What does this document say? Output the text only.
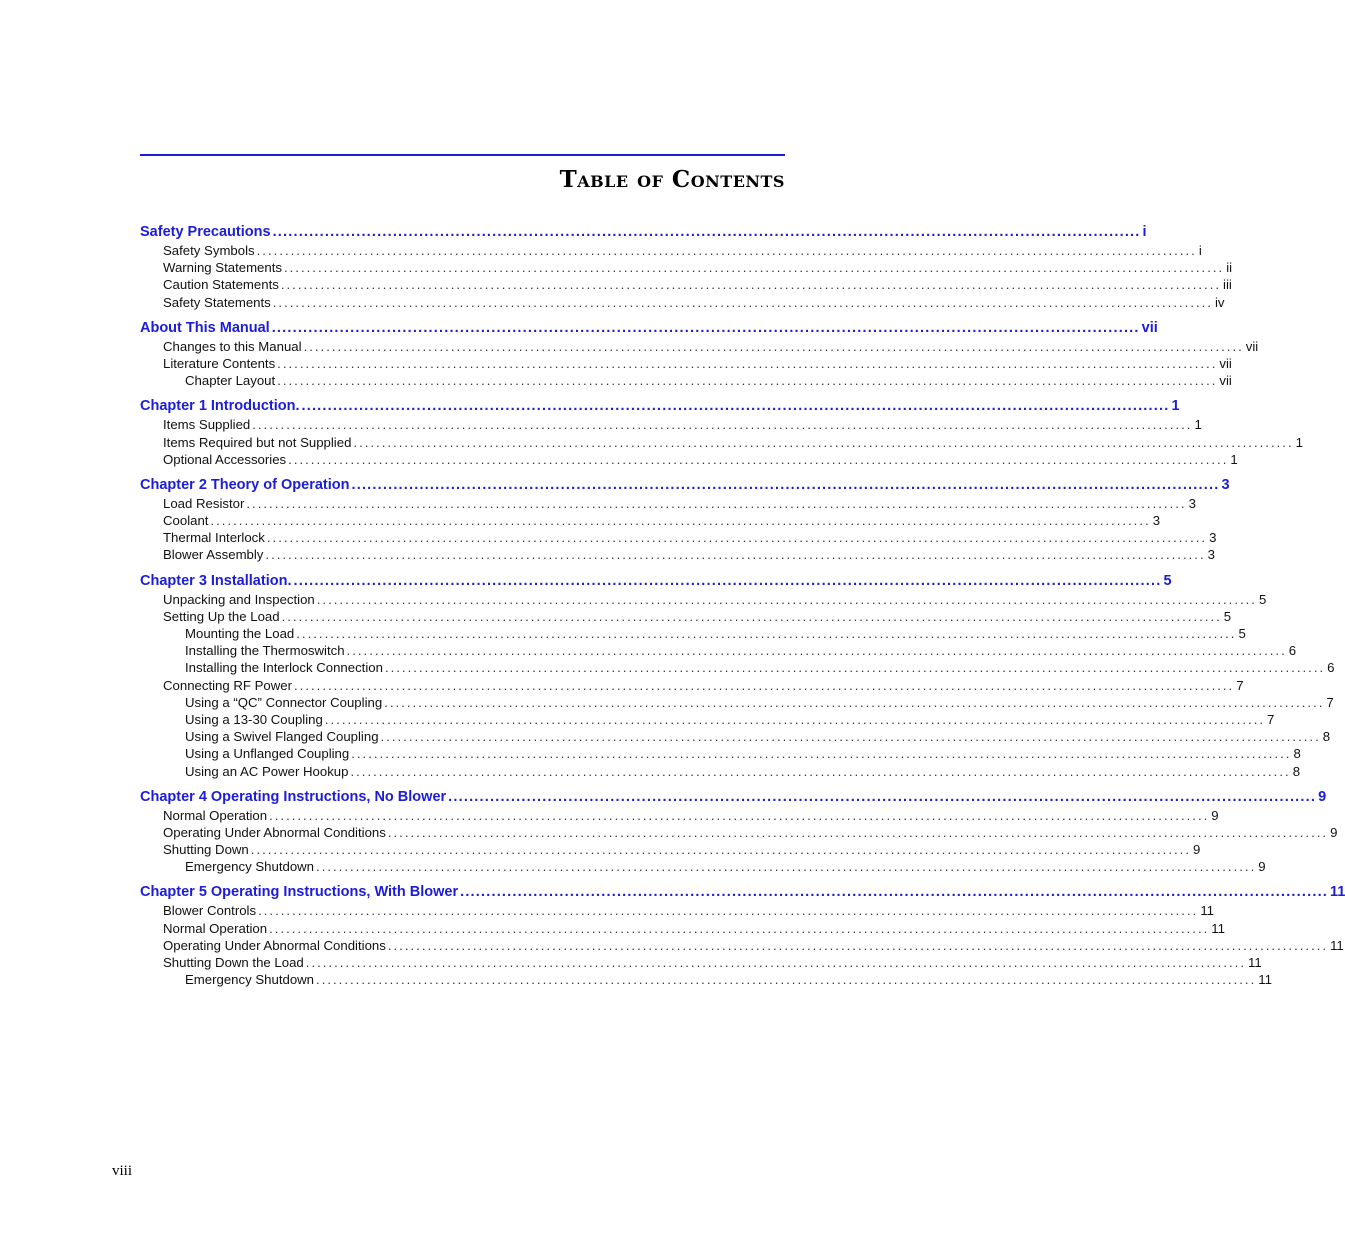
Table of Contents
Safety Precautions ...................................................................................................................................................................... i
Safety Symbols ...................................................................................................................................................................... i
Warning Statements ...................................................................................................................................................................... ii
Caution Statements ...................................................................................................................................................................... iii
Safety Statements ...................................................................................................................................................................... iv
About This Manual ...................................................................................................................................................................... vii
Changes to this Manual ...................................................................................................................................................................... vii
Literature Contents ...................................................................................................................................................................... vii
Chapter Layout ...................................................................................................................................................................... vii
Chapter 1 Introduction. ...................................................................................................................................................................... 1
Items Supplied ...................................................................................................................................................................... 1
Items Required but not Supplied ...................................................................................................................................................................... 1
Optional Accessories ...................................................................................................................................................................... 1
Chapter 2 Theory of Operation ...................................................................................................................................................................... 3
Load Resistor ...................................................................................................................................................................... 3
Coolant ...................................................................................................................................................................... 3
Thermal Interlock ...................................................................................................................................................................... 3
Blower Assembly ...................................................................................................................................................................... 3
Chapter 3 Installation. ...................................................................................................................................................................... 5
Unpacking and Inspection ...................................................................................................................................................................... 5
Setting Up the Load ...................................................................................................................................................................... 5
Mounting the Load ...................................................................................................................................................................... 5
Installing the Thermoswitch ...................................................................................................................................................................... 6
Installing the Interlock Connection ...................................................................................................................................................................... 6
Connecting RF Power ...................................................................................................................................................................... 7
Using a “QC” Connector Coupling ...................................................................................................................................................................... 7
Using a 13-30 Coupling ...................................................................................................................................................................... 7
Using a Swivel Flanged Coupling ...................................................................................................................................................................... 8
Using a Unflanged Coupling ...................................................................................................................................................................... 8
Using an AC Power Hookup ...................................................................................................................................................................... 8
Chapter 4 Operating Instructions, No Blower ...................................................................................................................................................................... 9
Normal Operation ...................................................................................................................................................................... 9
Operating Under Abnormal Conditions ...................................................................................................................................................................... 9
Shutting Down ...................................................................................................................................................................... 9
Emergency Shutdown ...................................................................................................................................................................... 9
Chapter 5 Operating Instructions, With Blower ...................................................................................................................................................................... 11
Blower Controls ...................................................................................................................................................................... 11
Normal Operation ...................................................................................................................................................................... 11
Operating Under Abnormal Conditions ...................................................................................................................................................................... 11
Shutting Down the Load ...................................................................................................................................................................... 11
Emergency Shutdown ...................................................................................................................................................................... 11
viii
